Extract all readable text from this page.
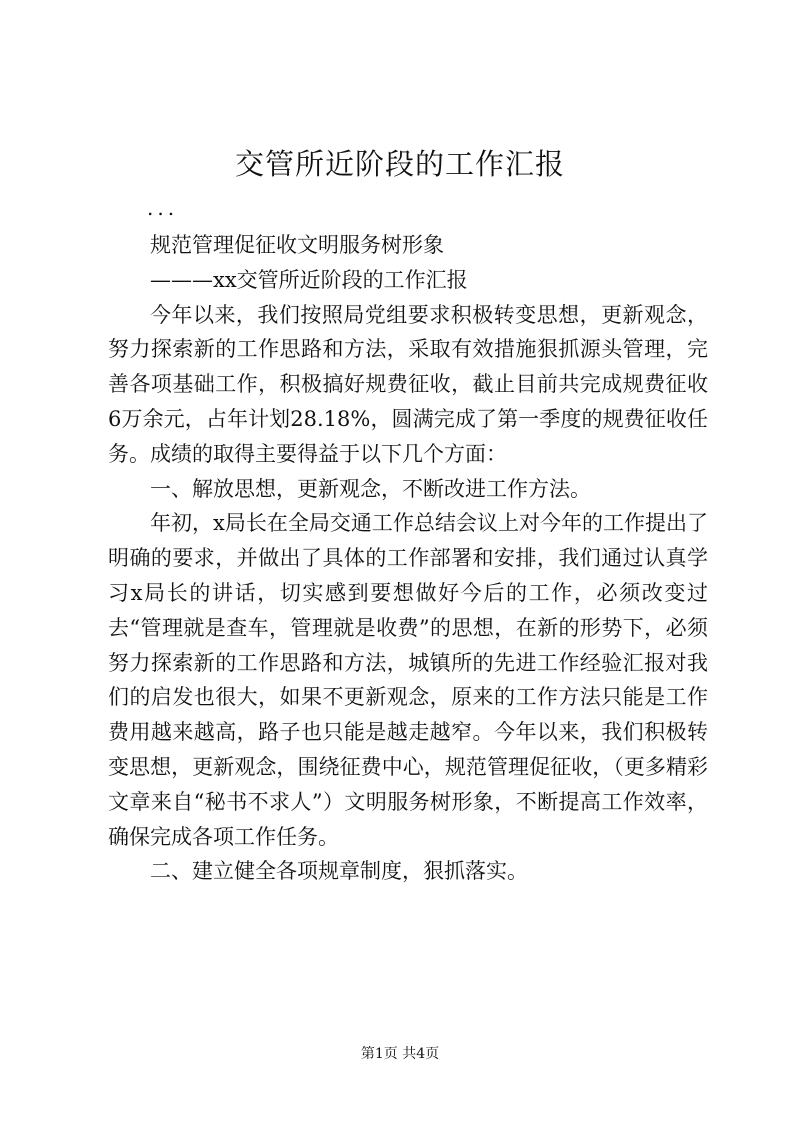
交管所近阶段的工作汇报
...

规范管理促征收文明服务树形象

———xx交管所近阶段的工作汇报

今年以来，我们按照局党组要求积极转变思想，更新观念，努力探索新的工作思路和方法，采取有效措施狠抓源头管理，完善各项基础工作，积极搞好规费征收，截止目前共完成规费征收6万余元，占年计划28.18%，圆满完成了第一季度的规费征收任务。成绩的取得主要得益于以下几个方面：

一、解放思想，更新观念，不断改进工作方法。

年初，x局长在全局交通工作总结会议上对今年的工作提出了明确的要求，并做出了具体的工作部署和安排，我们通过认真学习x局长的讲话，切实感到要想做好今后的工作，必须改变过去“管理就是查车，管理就是收费”的思想，在新的形势下，必须努力探索新的工作思路和方法，城镇所的先进工作经验汇报对我们的启发也很大，如果不更新观念，原来的工作方法只能是工作费用越来越高，路子也只能是越走越窄。今年以来，我们积极转变思想，更新观念，围绕征费中心，规范管理促征收，（更多精彩文章来自“秘书不求人”）文明服务树形象，不断提高工作效率，确保完成各项工作任务。

二、建立健全各项规章制度，狠抓落实。

第1页 共4页
